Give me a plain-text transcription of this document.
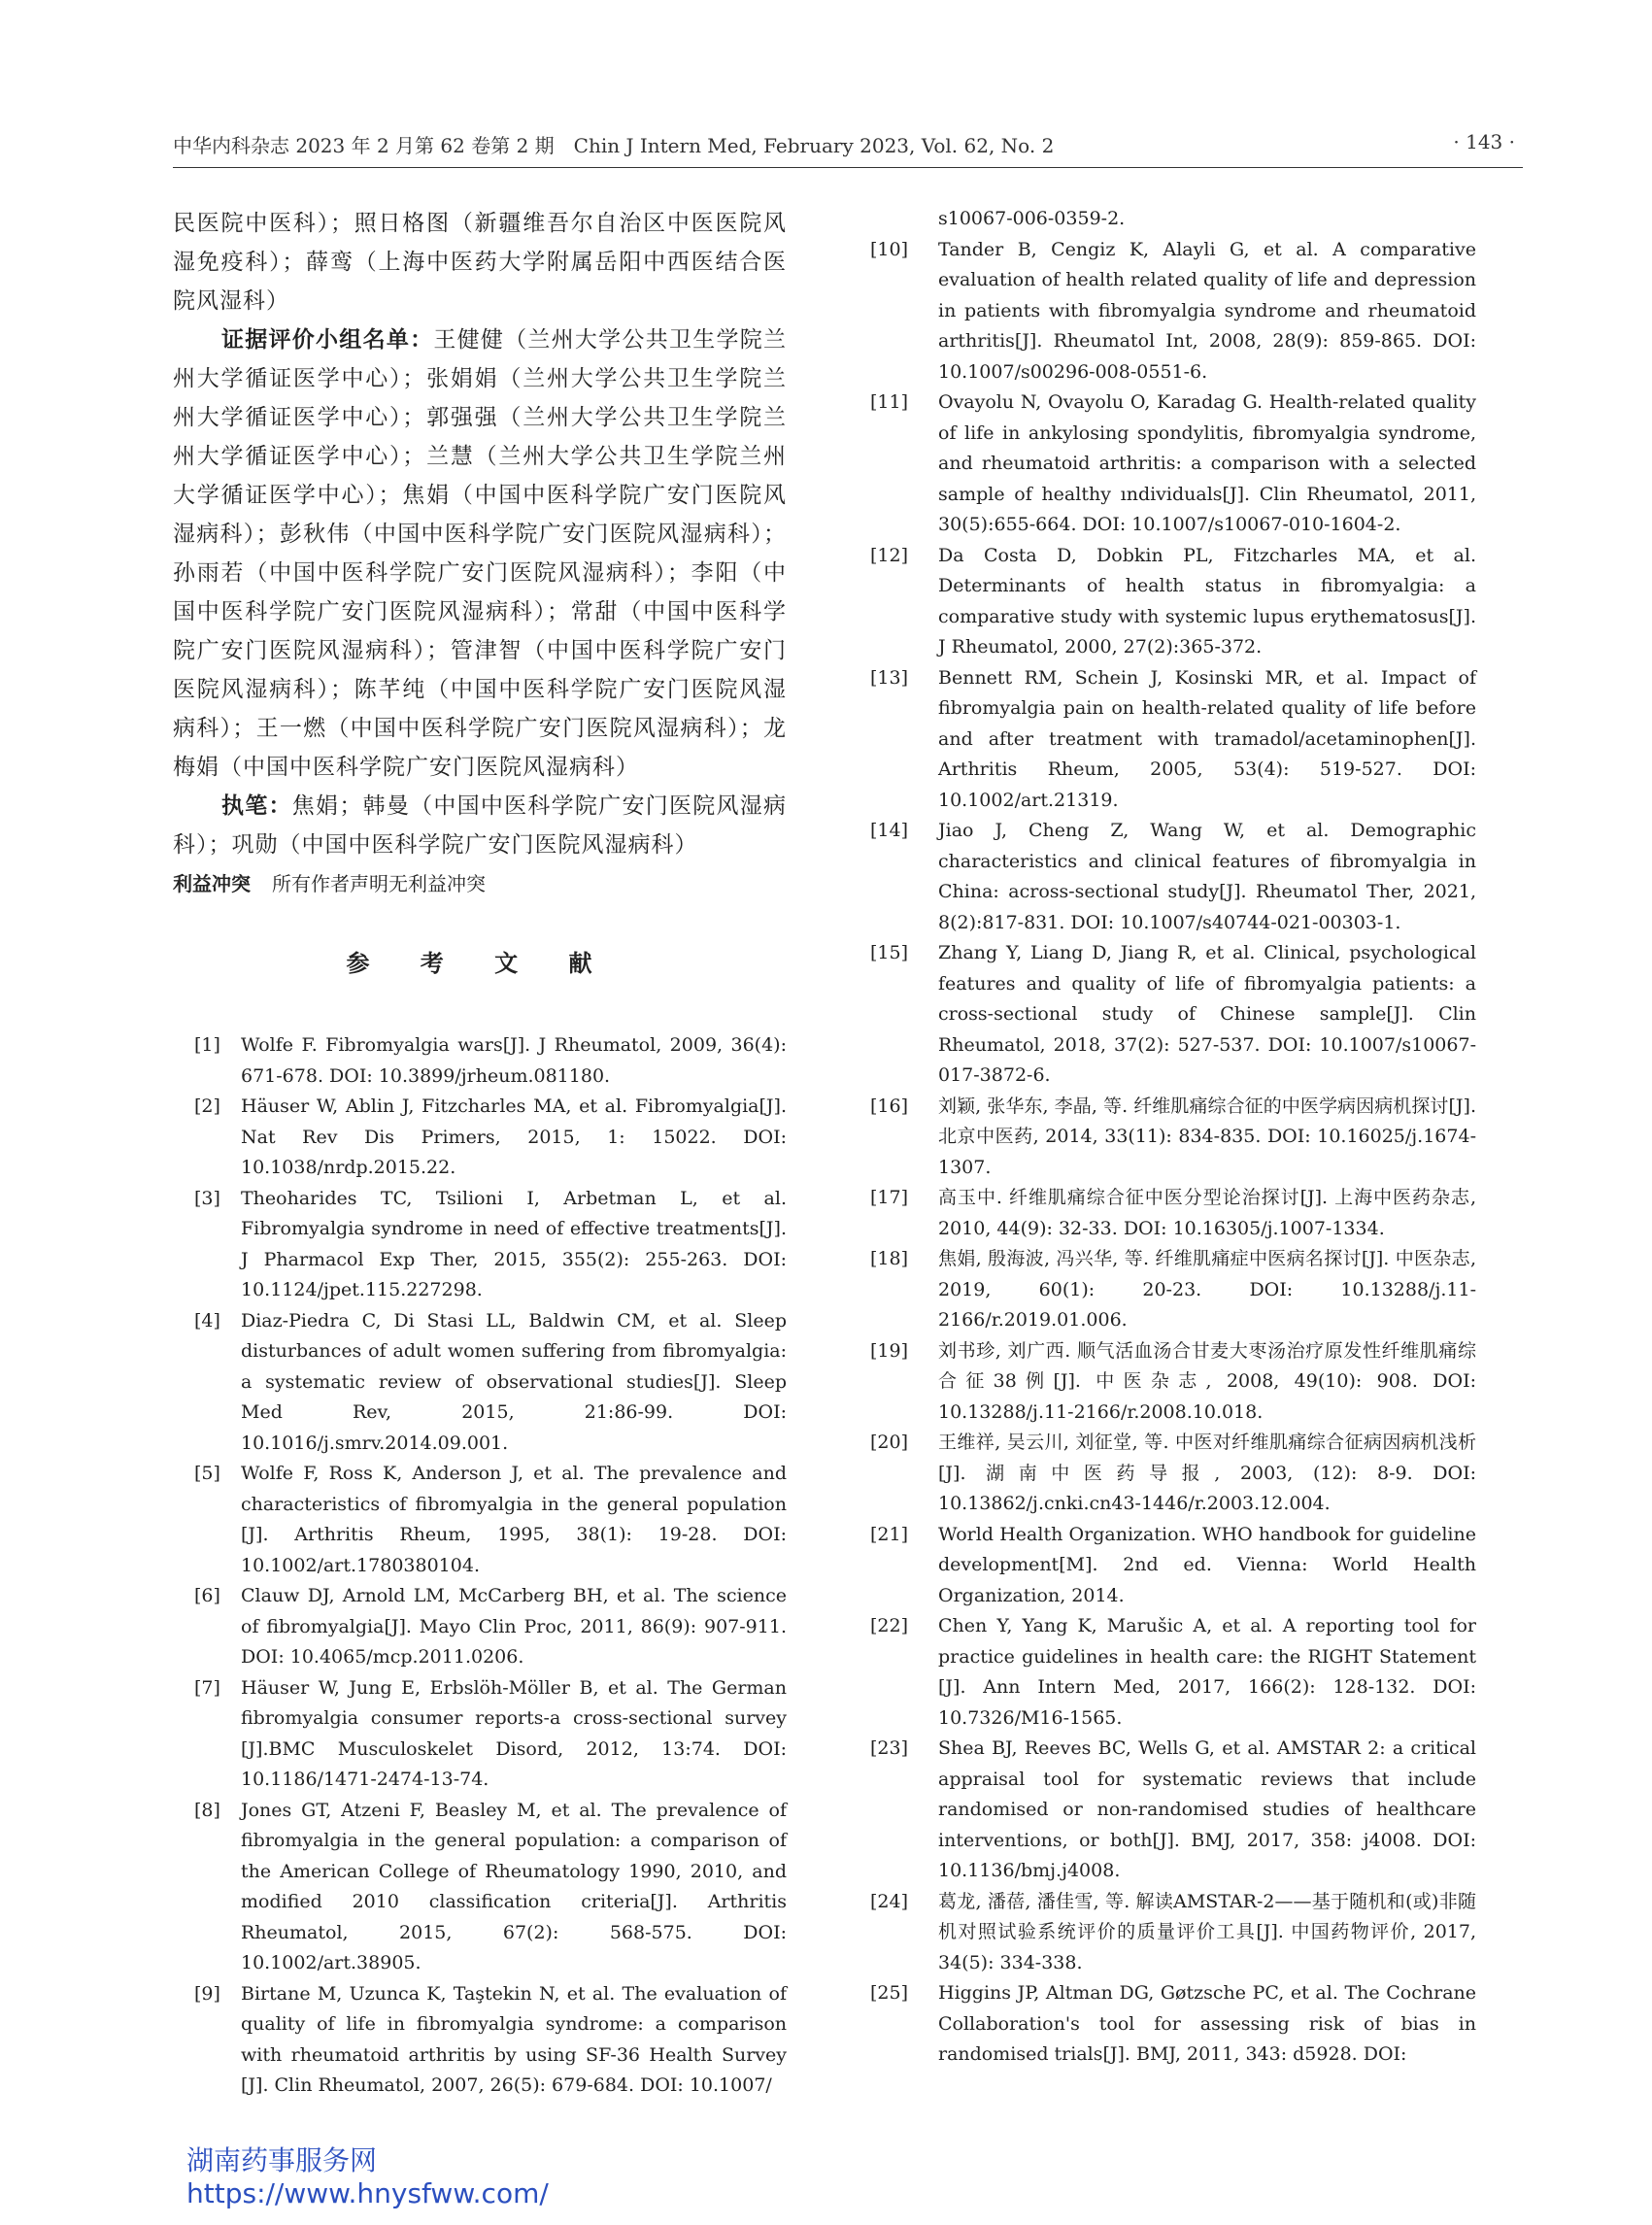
中华内科杂志 2023 年 2 月第 62 卷第 2 期　Chin J Intern Med, February 2023, Vol. 62, No. 2	· 143 ·

民医院中医科）；照日格图（新疆维吾尔自治区中医医院风湿免疫科）；薛鸾（上海中医药大学附属岳阳中西医结合医院风湿科）

证据评价小组名单：王健健（兰州大学公共卫生学院兰州大学循证医学中心）；张娟娟（兰州大学公共卫生学院兰州大学循证医学中心）；郭强强（兰州大学公共卫生学院兰州大学循证医学中心）；兰慧（兰州大学公共卫生学院兰州大学循证医学中心）；焦娟（中国中医科学院广安门医院风湿病科）；彭秋伟（中国中医科学院广安门医院风湿病科）；孙雨若（中国中医科学院广安门医院风湿病科）；李阳（中国中医科学院广安门医院风湿病科）；常甜（中国中医科学院广安门医院风湿病科）；管津智（中国中医科学院广安门医院风湿病科）；陈芊纯（中国中医科学院广安门医院风湿病科）；王一燃（中国中医科学院广安门医院风湿病科）；龙梅娟（中国中医科学院广安门医院风湿病科）

执笔：焦娟；韩曼（中国中医科学院广安门医院风湿病科）；巩勋（中国中医科学院广安门医院风湿病科）

利益冲突 所有作者声明无利益冲突

参 考 文 献

[1] Wolfe F. Fibromyalgia wars[J]. J Rheumatol, 2009, 36(4): 671-678. DOI: 10.3899/jrheum.081180.

[2] Häuser W, Ablin J, Fitzcharles MA, et al. Fibromyalgia[J]. Nat Rev Dis Primers, 2015, 1: 15022. DOI: 10.1038/nrdp.2015.22.

[3] Theoharides TC, Tsilioni I, Arbetman L, et al. Fibromyalgia syndrome in need of effective treatments[J]. J Pharmacol Exp Ther, 2015, 355(2): 255-263. DOI: 10.1124/jpet.115.227298.

[4] Diaz-Piedra C, Di Stasi LL, Baldwin CM, et al. Sleep disturbances of adult women suffering from fibromyalgia: a systematic review of observational studies[J]. Sleep Med Rev, 2015, 21:86-99. DOI: 10.1016/j.smrv.2014.09.001.

[5] Wolfe F, Ross K, Anderson J, et al. The prevalence and characteristics of fibromyalgia in the general population [J]. Arthritis Rheum, 1995, 38(1): 19-28. DOI: 10.1002/art.1780380104.

[6] Clauw DJ, Arnold LM, McCarberg BH, et al. The science of fibromyalgia[J]. Mayo Clin Proc, 2011, 86(9): 907-911. DOI: 10.4065/mcp.2011.0206.

[7] Häuser W, Jung E, Erbslöh-Möller B, et al. The German fibromyalgia consumer reports-a cross-sectional survey [J].BMC Musculoskelet Disord, 2012, 13:74. DOI: 10.1186/1471-2474-13-74.

[8] Jones GT, Atzeni F, Beasley M, et al. The prevalence of fibromyalgia in the general population: a comparison of the American College of Rheumatology 1990, 2010, and modified 2010 classification criteria[J]. Arthritis Rheumatol, 2015, 67(2): 568-575. DOI: 10.1002/art.38905.

[9] Birtane M, Uzunca K, Taştekin N, et al. The evaluation of quality of life in fibromyalgia syndrome: a comparison with rheumatoid arthritis by using SF-36 Health Survey [J]. Clin Rheumatol, 2007, 26(5): 679-684. DOI: 10.1007/

s10067-006-0359-2.

[10] Tander B, Cengiz K, Alayli G, et al. A comparative evaluation of health related quality of life and depression in patients with fibromyalgia syndrome and rheumatoid arthritis[J]. Rheumatol Int, 2008, 28(9): 859-865. DOI: 10.1007/s00296-008-0551-6.

[11] Ovayolu N, Ovayolu O, Karadag G. Health-related quality of life in ankylosing spondylitis, fibromyalgia syndrome, and rheumatoid arthritis: a comparison with a selected sample of healthy ındividuals[J]. Clin Rheumatol, 2011, 30(5):655-664. DOI: 10.1007/s10067-010-1604-2.

[12] Da Costa D, Dobkin PL, Fitzcharles MA, et al. Determinants of health status in fibromyalgia: a comparative study with systemic lupus erythematosus[J]. J Rheumatol, 2000, 27(2):365-372.

[13] Bennett RM, Schein J, Kosinski MR, et al. Impact of fibromyalgia pain on health-related quality of life before and after treatment with tramadol/acetaminophen[J]. Arthritis Rheum, 2005, 53(4): 519-527. DOI: 10.1002/art.21319.

[14] Jiao J, Cheng Z, Wang W, et al. Demographic characteristics and clinical features of fibromyalgia in China: across-sectional study[J]. Rheumatol Ther, 2021, 8(2):817-831. DOI: 10.1007/s40744-021-00303-1.

[15] Zhang Y, Liang D, Jiang R, et al. Clinical, psychological features and quality of life of fibromyalgia patients: a cross-sectional study of Chinese sample[J]. Clin Rheumatol, 2018, 37(2): 527-537. DOI: 10.1007/s10067-017-3872-6.

[16] 刘颖, 张华东, 李晶, 等. 纤维肌痛综合征的中医学病因病机探讨[J]. 北京中医药, 2014, 33(11): 834-835. DOI: 10.16025/j.1674-1307.

[17] 高玉中. 纤维肌痛综合征中医分型论治探讨[J]. 上海中医药杂志, 2010, 44(9): 32-33. DOI: 10.16305/j.1007-1334.

[18] 焦娟, 殷海波, 冯兴华, 等. 纤维肌痛症中医病名探讨[J]. 中医杂志, 2019, 60(1): 20-23. DOI: 10.13288/j.11-2166/r.2019.01.006.

[19] 刘书珍, 刘广西. 顺气活血汤合甘麦大枣汤治疗原发性纤维肌痛综合征38例[J]. 中医杂志, 2008, 49(10): 908. DOI: 10.13288/j.11-2166/r.2008.10.018.

[20] 王维祥, 吴云川, 刘征堂, 等. 中医对纤维肌痛综合征病因病机浅析[J]. 湖南中医药导报, 2003, (12): 8-9. DOI: 10.13862/j.cnki.cn43-1446/r.2003.12.004.

[21] World Health Organization. WHO handbook for guideline development[M]. 2nd ed. Vienna: World Health Organization, 2014.

[22] Chen Y, Yang K, Marušic A, et al. A reporting tool for practice guidelines in health care: the RIGHT Statement [J]. Ann Intern Med, 2017, 166(2): 128-132. DOI: 10.7326/M16-1565.

[23] Shea BJ, Reeves BC, Wells G, et al. AMSTAR 2: a critical appraisal tool for systematic reviews that include randomised or non-randomised studies of healthcare interventions, or both[J]. BMJ, 2017, 358: j4008. DOI: 10.1136/bmj.j4008.

[24] 葛龙, 潘蓓, 潘佳雪, 等. 解读AMSTAR-2——基于随机和(或)非随机对照试验系统评价的质量评价工具[J]. 中国药物评价, 2017, 34(5): 334-338.

[25] Higgins JP, Altman DG, Gøtzsche PC, et al. The Cochrane Collaboration's tool for assessing risk of bias in randomised trials[J]. BMJ, 2011, 343: d5928. DOI:

湖南药事服务网
https://www.hnysfww.com/
